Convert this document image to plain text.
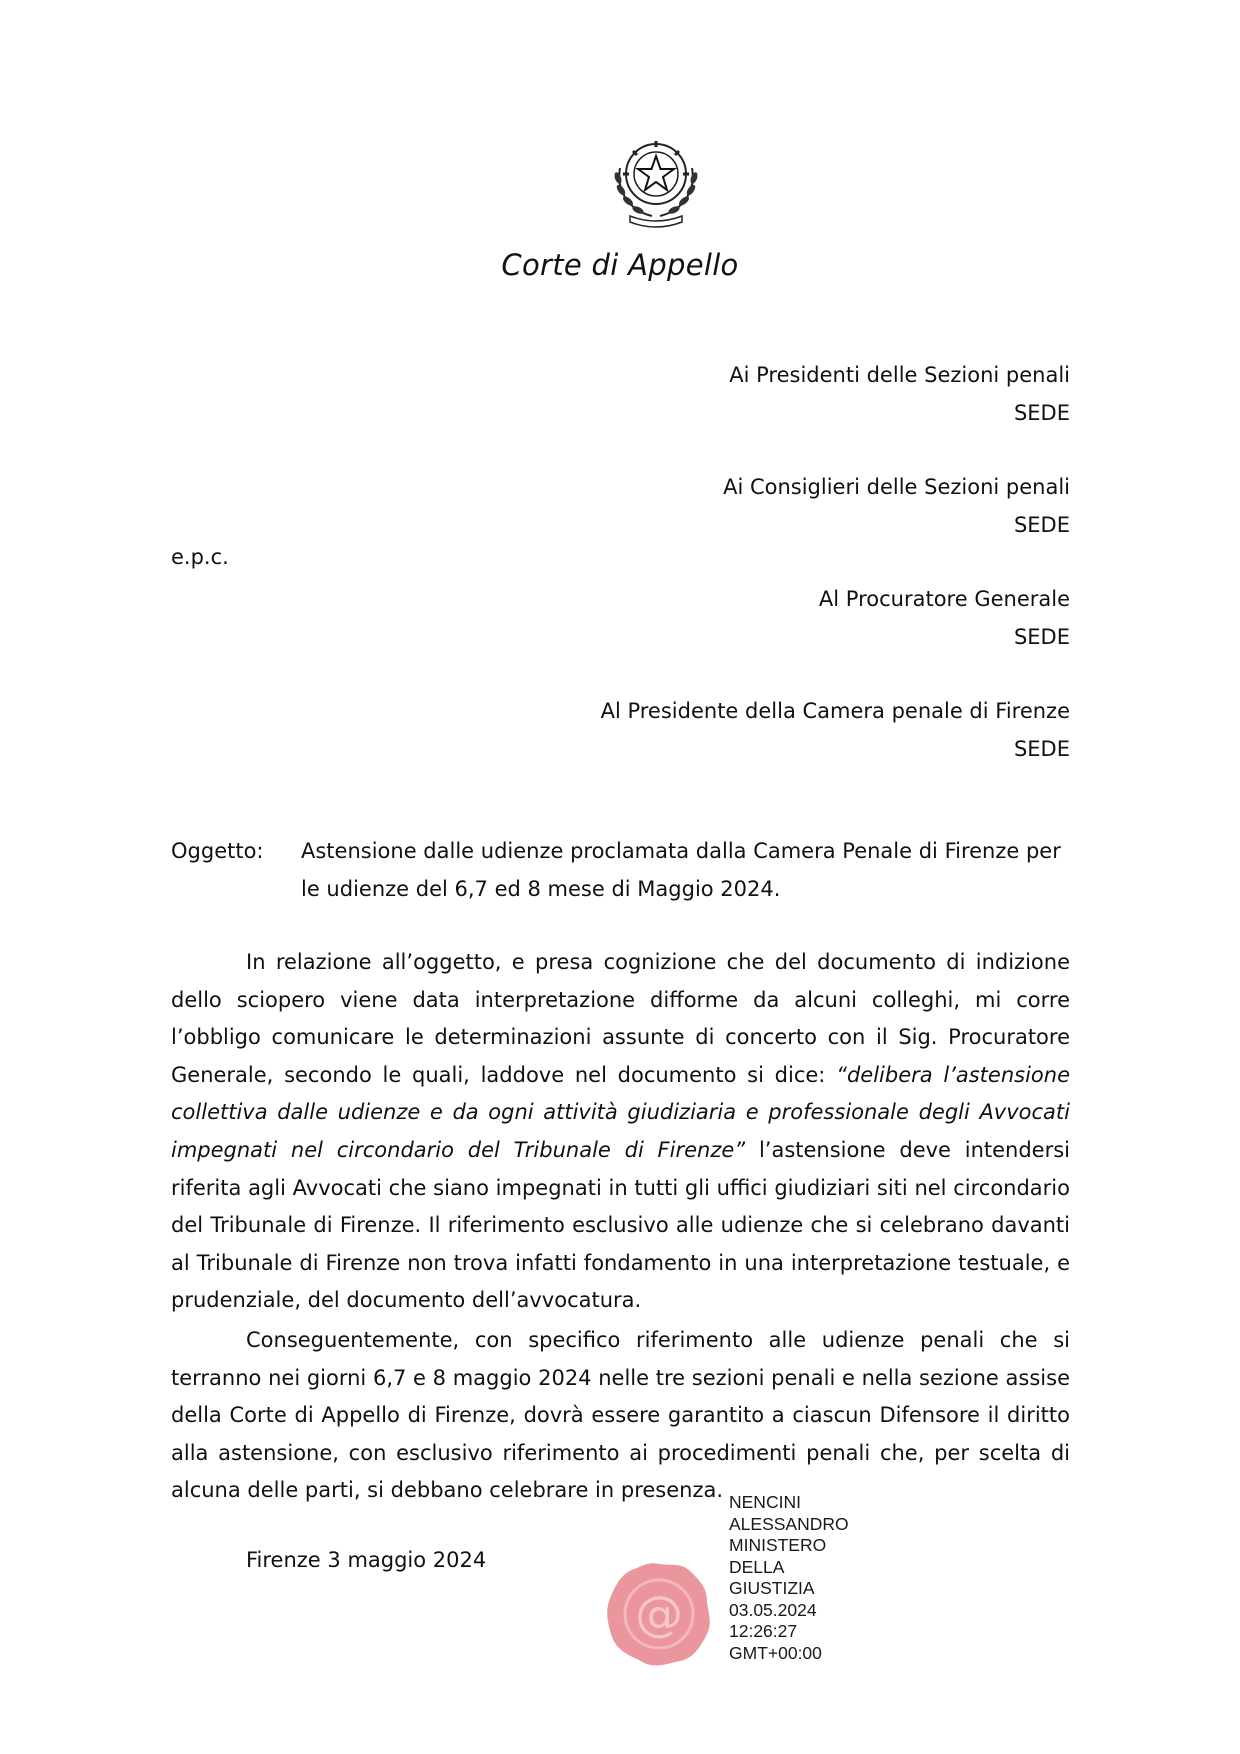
Corte di Appello
Ai Presidenti delle Sezioni penali
SEDE
Ai Consiglieri delle Sezioni penali
SEDE
Al Procuratore Generale
SEDE
Al Presidente della Camera penale di Firenze
SEDE
e.p.c.
Oggetto: Astensione dalle udienze proclamata dalla Camera Penale di Firenze per le udienze del 6,7 ed 8 mese di Maggio 2024.

In relazione all’oggetto, e presa cognizione che del documento di indizione dello sciopero viene data interpretazione difforme da alcuni colleghi, mi corre l’obbligo comunicare le determinazioni assunte di concerto con il Sig. Procuratore Generale, secondo le quali, laddove nel documento si dice: “delibera l’astensione collettiva dalle udienze e da ogni attività giudiziaria e professionale degli Avvocati impegnati nel circondario del Tribunale di Firenze” l’astensione deve intendersi riferita agli Avvocati che siano impegnati in tutti gli uffici giudiziari siti nel circondario del Tribunale di Firenze. Il riferimento esclusivo alle udienze che si celebrano davanti al Tribunale di Firenze non trova infatti fondamento in una interpretazione testuale, e prudenziale, del documento dell’avvocatura.

Conseguentemente, con specifico riferimento alle udienze penali che si terranno nei giorni 6,7 e 8 maggio 2024 nelle tre sezioni penali e nella sezione assise della Corte di Appello di Firenze, dovrà essere garantito a ciascun Difensore il diritto alla astensione, con esclusivo riferimento ai procedimenti penali che, per scelta di alcuna delle parti, si debbano celebrare in presenza.

Firenze 3 maggio 2024
@
NENCINI
ALESSANDRO
MINISTERO
DELLA
GIUSTIZIA
03.05.2024
12:26:27
GMT+00:00
